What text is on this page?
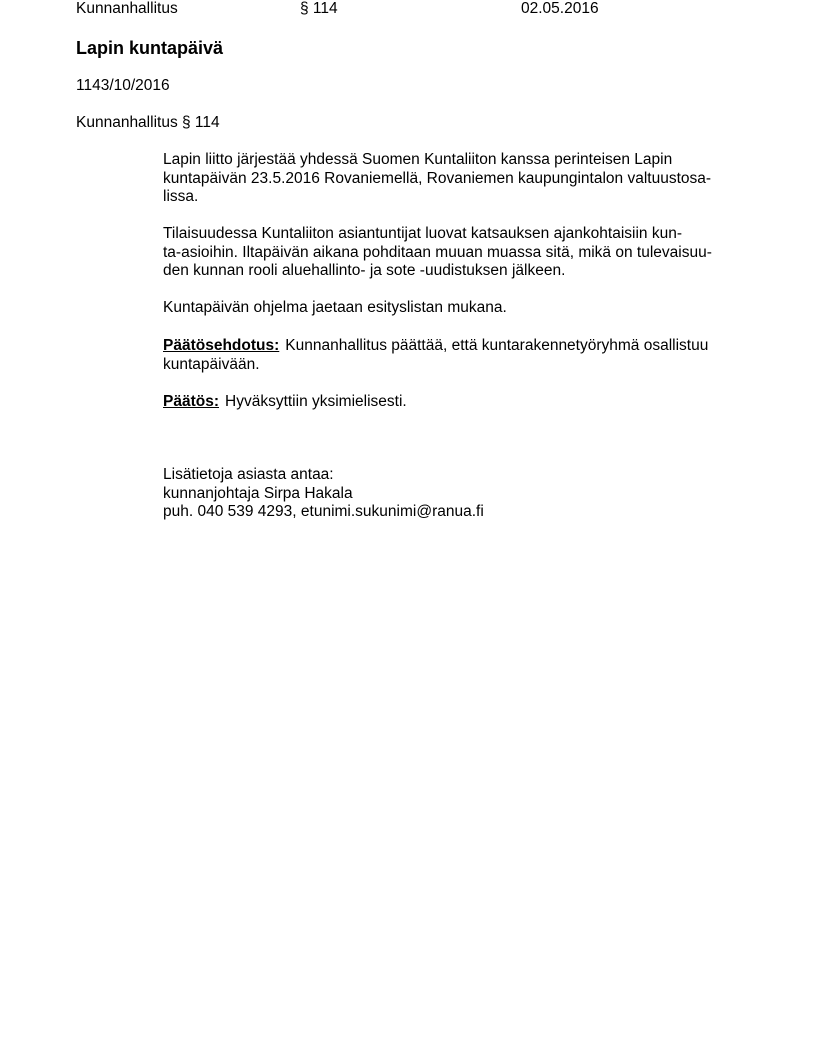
Kunnanhallitus	§ 114	02.05.2016
Lapin kuntapäivä
1143/10/2016
Kunnanhallitus § 114
Lapin liitto järjestää yhdessä Suomen Kuntaliiton kanssa perinteisen Lapin
kuntapäivän 23.5.2016 Rovaniemellä, Rovaniemen kaupungintalon valtuustosa-
lissa.
Tilaisuudessa Kuntaliiton asiantuntijat luovat katsauksen ajankohtaisiin kun-
ta-asioihin. Iltapäivän aikana pohditaan muuan muassa sitä, mikä on tulevaisuu-
den kunnan rooli aluehallinto- ja sote -uudistuksen jälkeen.
Kuntapäivän ohjelma jaetaan esityslistan mukana.
Päätösehdotus: Kunnanhallitus päättää, että kuntarakennetyöryhmä osallistuu
kuntapäivään.
Päätös: Hyväksyttiin yksimielisesti.
Lisätietoja asiasta antaa:
kunnanjohtaja Sirpa Hakala
puh. 040 539 4293, etunimi.sukunimi@ranua.fi
